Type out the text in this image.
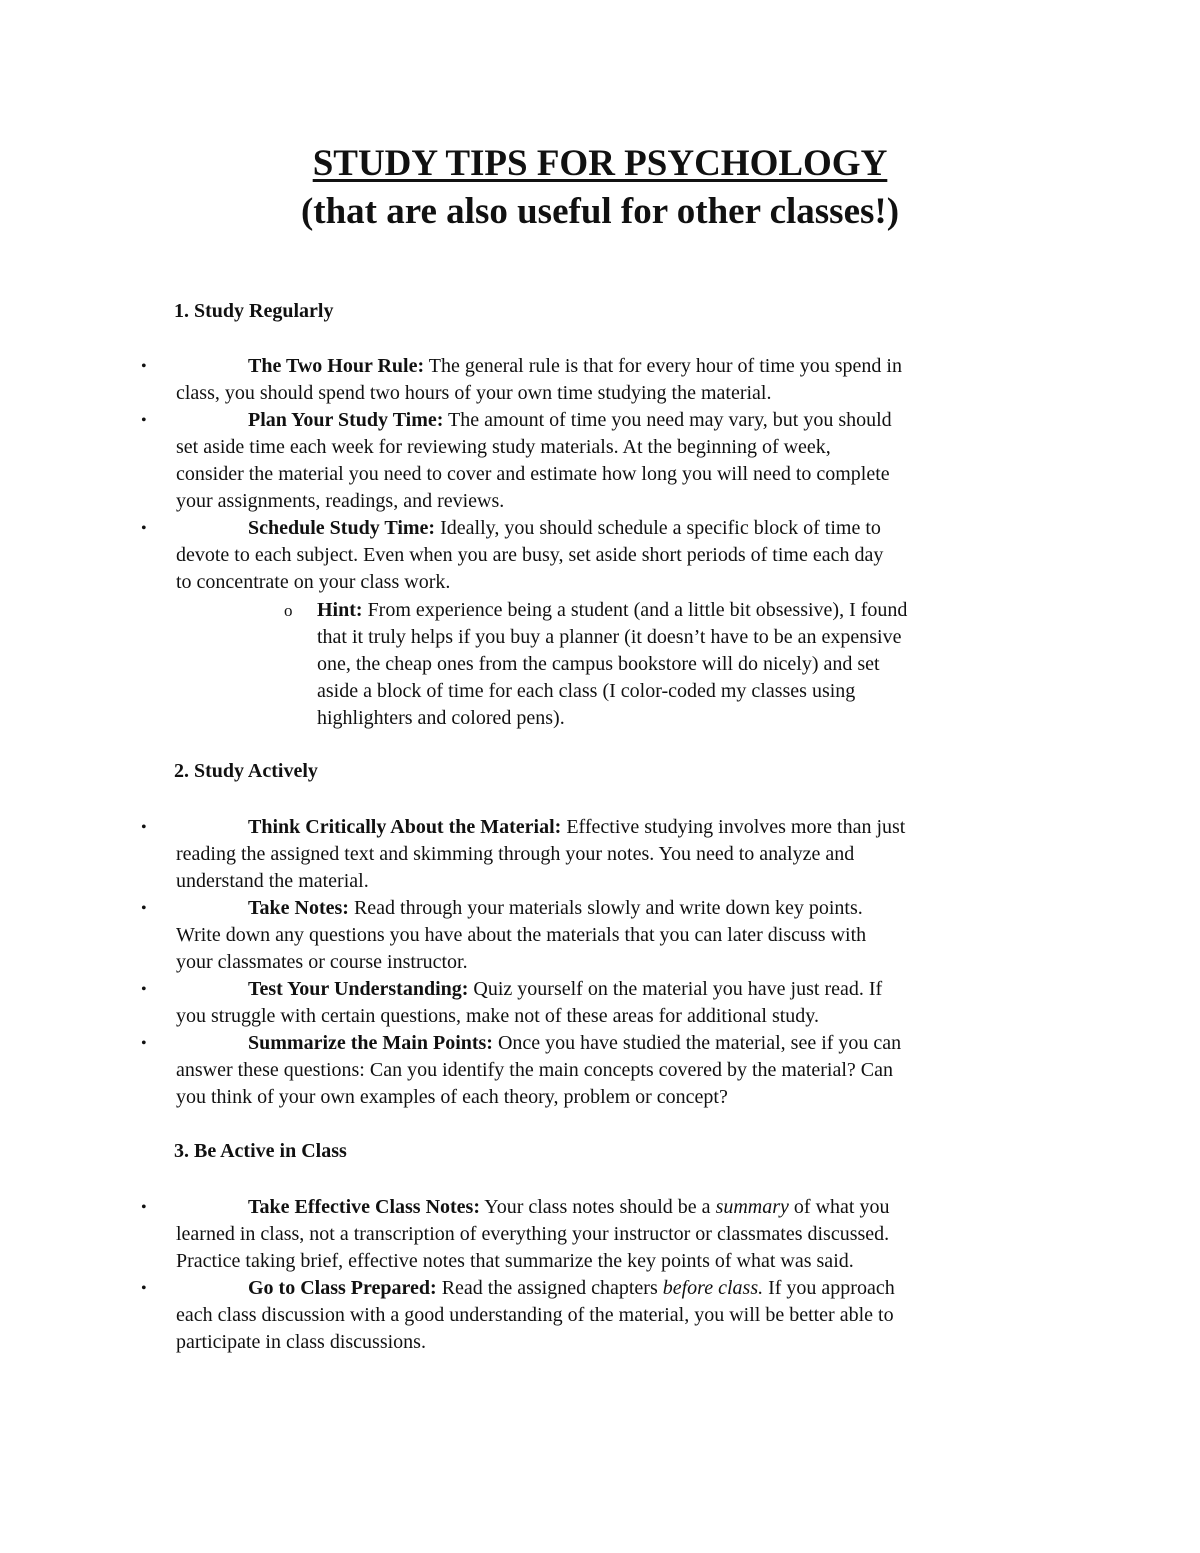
STUDY TIPS FOR PSYCHOLOGY
(that are also useful for other classes!)
1. Study Regularly
•	The Two Hour Rule: The general rule is that for every hour of time you spend in
class, you should spend two hours of your own time studying the material.
•	Plan Your Study Time: The amount of time you need may vary, but you should
set aside time each week for reviewing study materials. At the beginning of week,
consider the material you need to cover and estimate how long you will need to complete
your assignments, readings, and reviews.
•	Schedule Study Time: Ideally, you should schedule a specific block of time to
devote to each subject. Even when you are busy, set aside short periods of time each day
to concentrate on your class work.
o Hint: From experience being a student (and a little bit obsessive), I found
that it truly helps if you buy a planner (it doesn’t have to be an expensive
one, the cheap ones from the campus bookstore will do nicely) and set
aside a block of time for each class (I color-coded my classes using
highlighters and colored pens).
2. Study Actively
•	Think Critically About the Material: Effective studying involves more than just
reading the assigned text and skimming through your notes. You need to analyze and
understand the material.
•	Take Notes: Read through your materials slowly and write down key points.
Write down any questions you have about the materials that you can later discuss with
your classmates or course instructor.
•	Test Your Understanding: Quiz yourself on the material you have just read. If
you struggle with certain questions, make not of these areas for additional study.
•	Summarize the Main Points: Once you have studied the material, see if you can
answer these questions: Can you identify the main concepts covered by the material? Can
you think of your own examples of each theory, problem or concept?
3. Be Active in Class
•	Take Effective Class Notes: Your class notes should be a summary of what you
learned in class, not a transcription of everything your instructor or classmates discussed.
Practice taking brief, effective notes that summarize the key points of what was said.
•	Go to Class Prepared: Read the assigned chapters before class. If you approach
each class discussion with a good understanding of the material, you will be better able to
participate in class discussions.
